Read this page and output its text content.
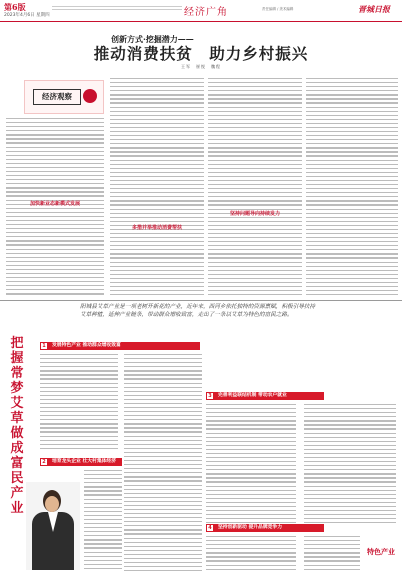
第6版
2023年4月6日 星期四	经济广角	责任编辑 / 美术编辑	晋城日报
创新方式·挖掘潜力——
推动消费扶贫　助力乡村振兴
王军　崔悦　魏程
经济观察
加快新业态新模式发展
多措并举推动消费帮扶
坚持问题导向持续发力
把握常梦艾草做成富民产业
阳城县艾草产业是一项老树开新花的产业，近年来，西河乡依托独特的资源禀赋，积极引导扶持艾草种植，延伸产业链条，带动群众增收致富，走出了一条以艾草为特色的富民之路。
1	发展特色产业 推动群众增收致富
2	培育龙头企业 壮大村集体经济
3	完善利益联结机制 带动农户就业
4	坚持创新驱动 提升品牌竞争力
特色产业
